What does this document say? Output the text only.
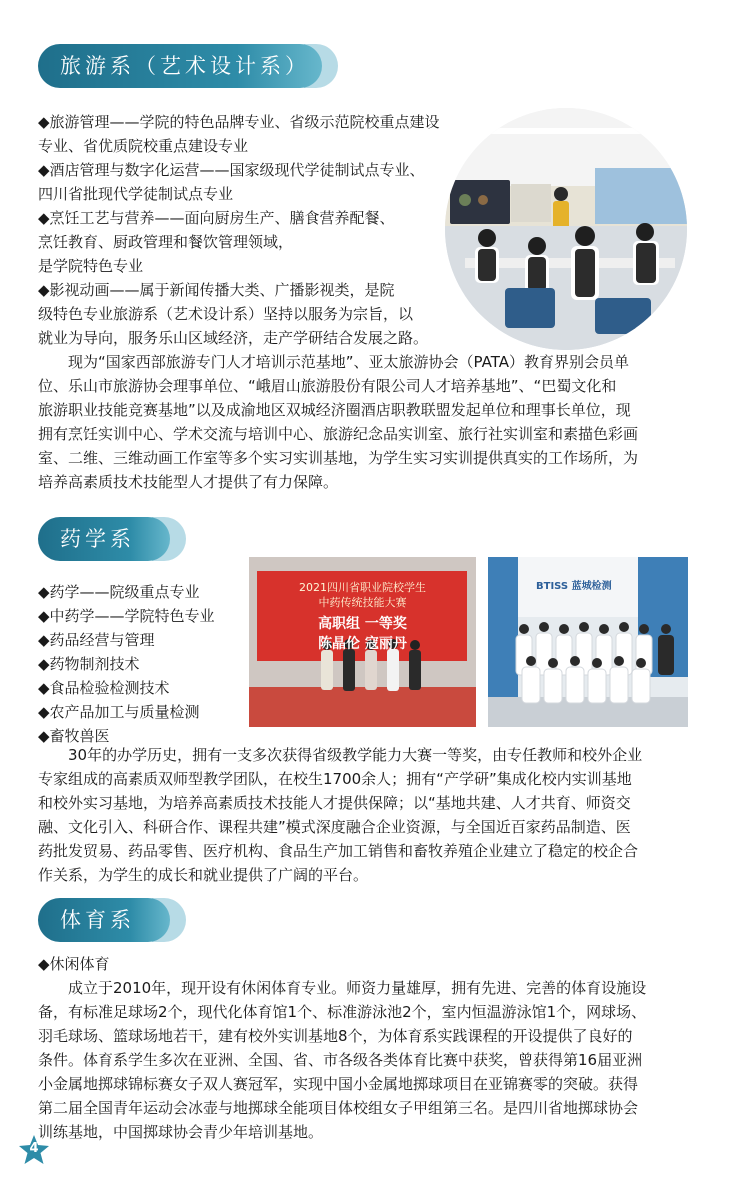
旅游系（艺术设计系）
◆旅游管理——学院的特色品牌专业、省级示范院校重点建设
专业、省优质院校重点建设专业
◆酒店管理与数字化运营——国家级现代学徒制试点专业、
四川省批现代学徒制试点专业
◆烹饪工艺与营养——面向厨房生产、膳食营养配餐、
烹饪教育、厨政管理和餐饮管理领域，
是学院特色专业
◆影视动画——属于新闻传播大类、广播影视类，是院
级特色专业旅游系（艺术设计系）坚持以服务为宗旨，以
就业为导向，服务乐山区域经济，走产学研结合发展之路。
现为“国家西部旅游专门人才培训示范基地”、亚太旅游协会（PATA）教育界别会员单
位、乐山市旅游协会理事单位、“峨眉山旅游股份有限公司人才培养基地”、“巴蜀文化和
旅游职业技能竞赛基地”以及成渝地区双城经济圈酒店职教联盟发起单位和理事长单位，现
拥有烹饪实训中心、学术交流与培训中心、旅游纪念品实训室、旅行社实训室和素描色彩画
室、二维、三维动画工作室等多个实习实训基地，为学生实习实训提供真实的工作场所，为
培养高素质技术技能型人才提供了有力保障。
药学系
◆药学——院级重点专业
◆中药学——学院特色专业
◆药品经营与管理
◆药物制剂技术
◆食品检验检测技术
◆农产品加工与质量检测
◆畜牧兽医
2021四川省职业院校学生
中药传统技能大赛
高职组 一等奖
陈晶伦 寇丽丹
BTISS 蓝城检测
30年的办学历史，拥有一支多次获得省级教学能力大赛一等奖，由专任教师和校外企业
专家组成的高素质双师型教学团队，在校生1700余人；拥有“产学研”集成化校内实训基地
和校外实习基地，为培养高素质技术技能人才提供保障；以“基地共建、人才共育、师资交
融、文化引入、科研合作、课程共建”模式深度融合企业资源，与全国近百家药品制造、医
药批发贸易、药品零售、医疗机构、食品生产加工销售和畜牧养殖企业建立了稳定的校企合
作关系，为学生的成长和就业提供了广阔的平台。
体育系
◆休闲体育
成立于2010年，现开设有休闲体育专业。师资力量雄厚，拥有先进、完善的体育设施设
备，有标准足球场2个，现代化体育馆1个、标准游泳池2个，室内恒温游泳馆1个，网球场、
羽毛球场、篮球场地若干，建有校外实训基地8个，为体育系实践课程的开设提供了良好的
条件。体育系学生多次在亚洲、全国、省、市各级各类体育比赛中获奖，曾获得第16届亚洲
小金属地掷球锦标赛女子双人赛冠军，实现中国小金属地掷球项目在亚锦赛零的突破。获得
第二届全国青年运动会冰壶与地掷球全能项目体校组女子甲组第三名。是四川省地掷球协会
训练基地，中国掷球协会青少年培训基地。
4
